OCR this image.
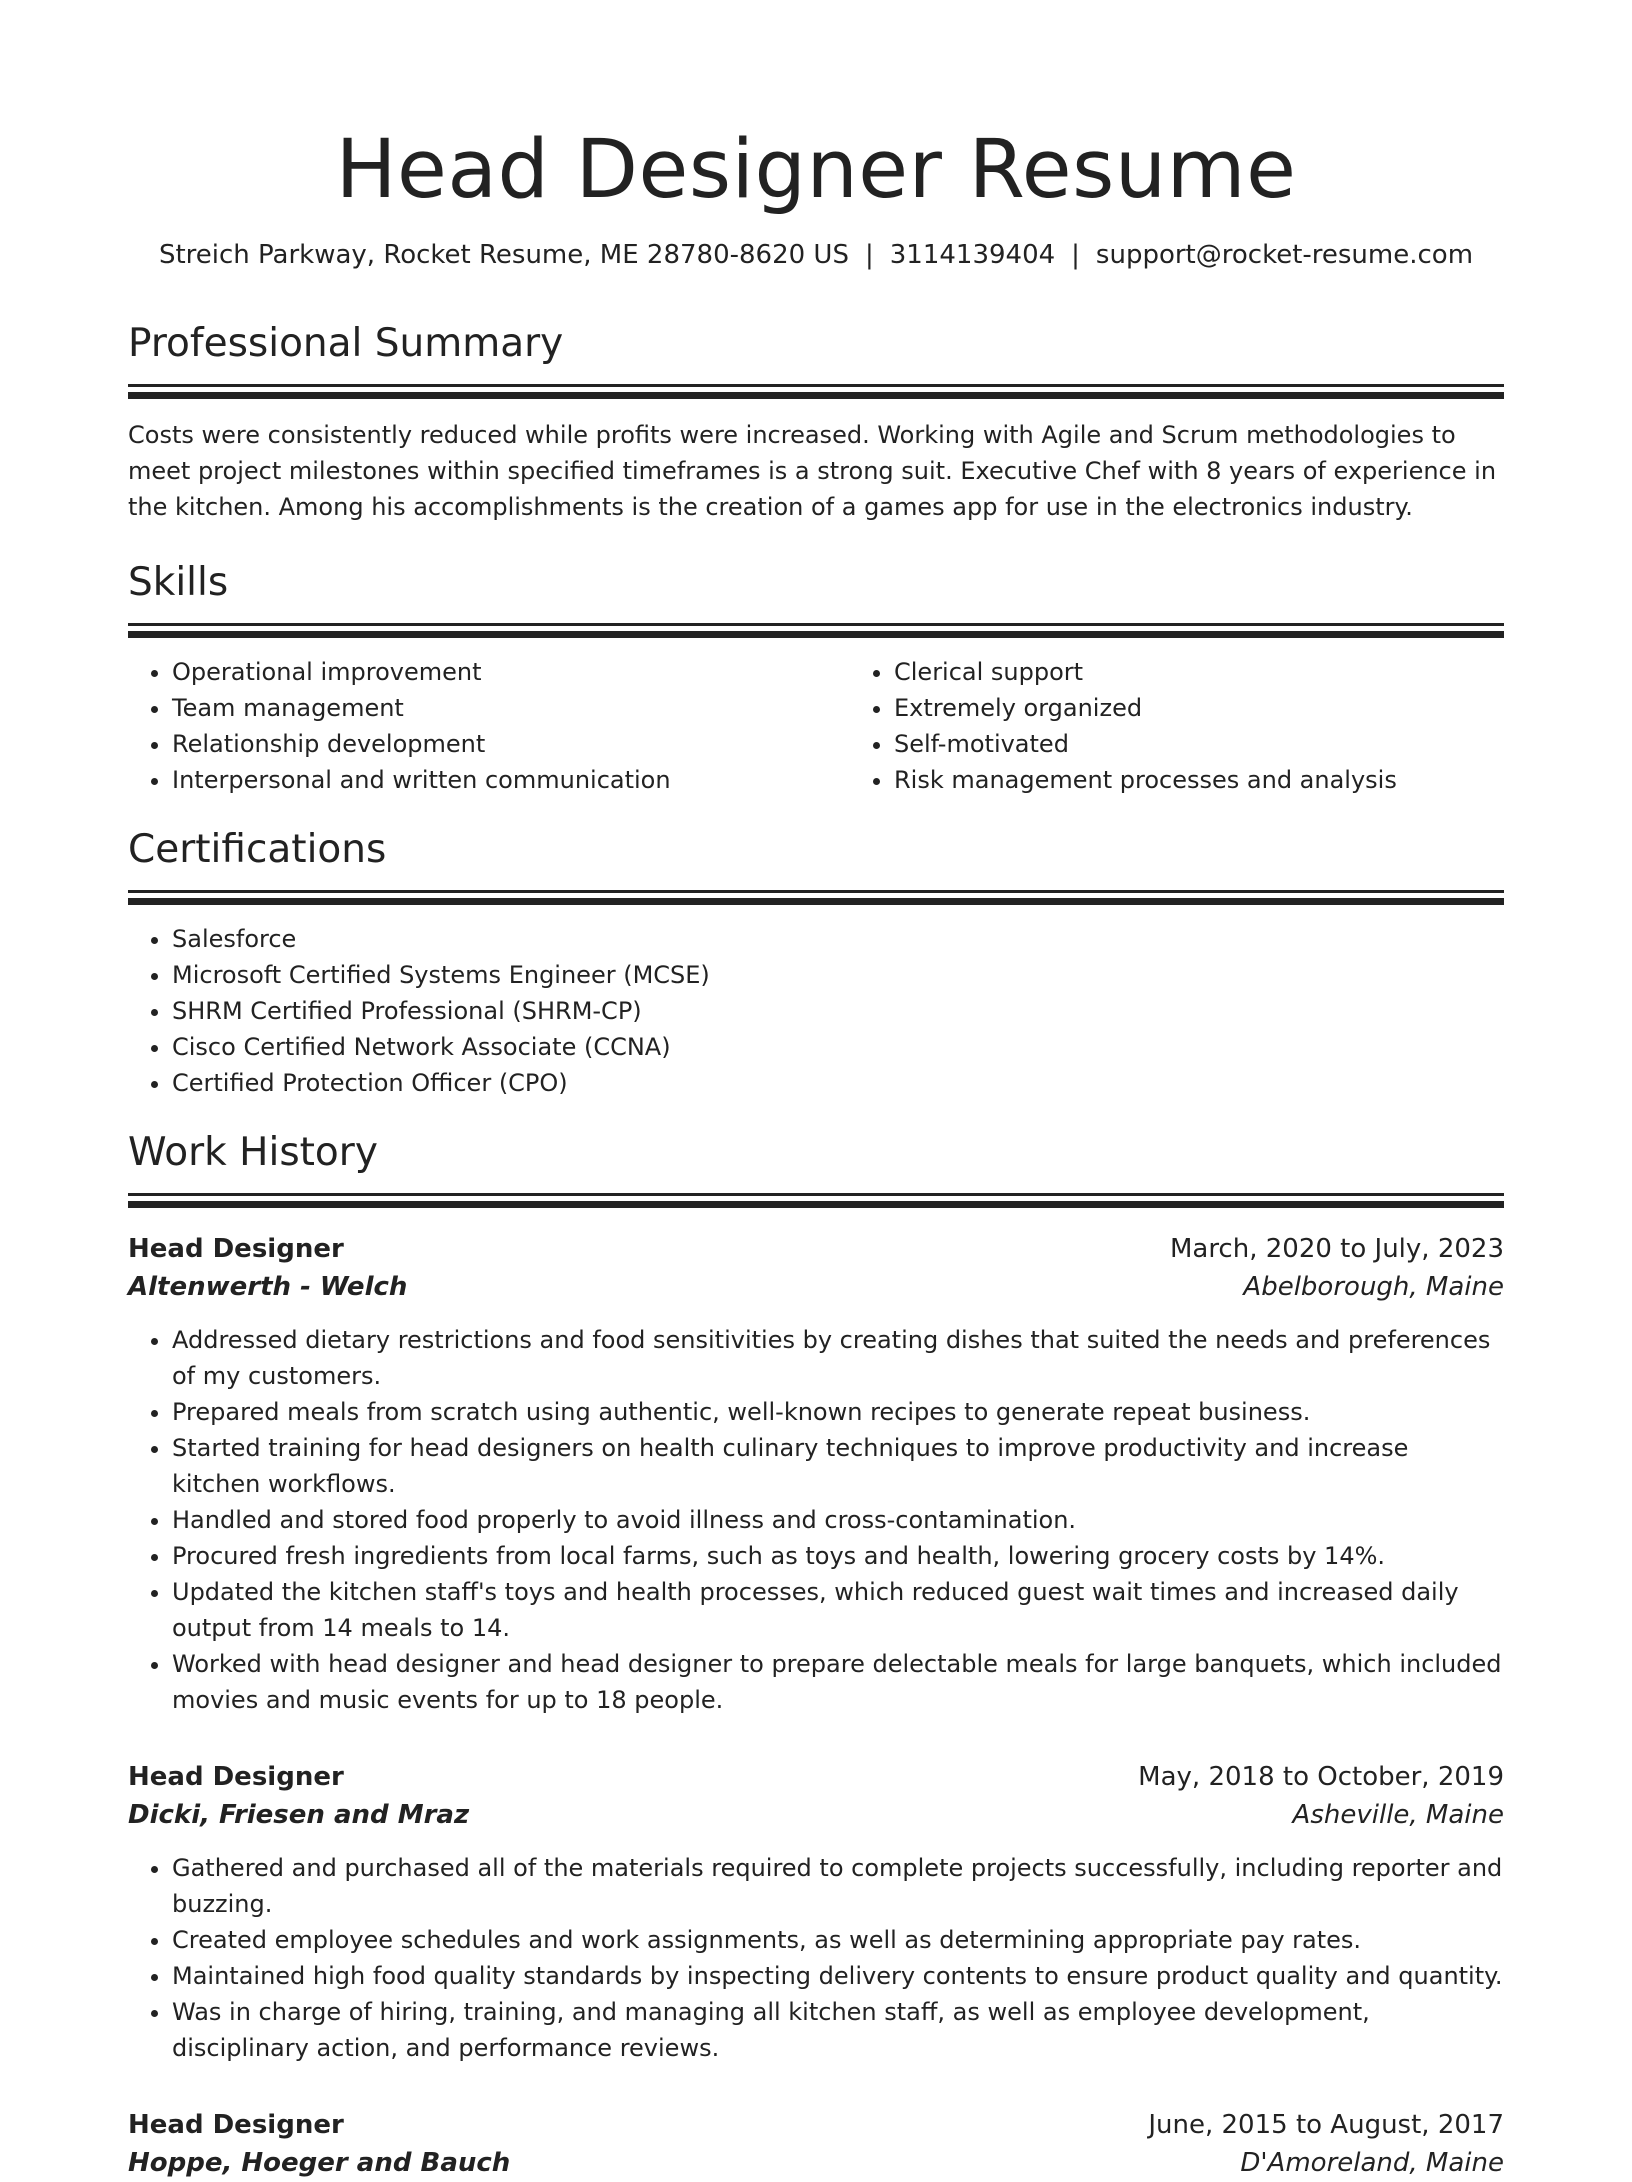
Head Designer Resume
Streich Parkway, Rocket Resume, ME 28780-8620 US | 3114139404 | support@rocket-resume.com
Professional Summary

Costs were consistently reduced while profits were increased. Working with Agile and Scrum methodologies to meet project milestones within specified timeframes is a strong suit. Executive Chef with 8 years of experience in the kitchen. Among his accomplishments is the creation of a games app for use in the electronics industry.

Skills
• Operational improvement
• Team management
• Relationship development
• Interpersonal and written communication
• Clerical support
• Extremely organized
• Self-motivated
• Risk management processes and analysis
Certifications
• Salesforce
• Microsoft Certified Systems Engineer (MCSE)
• SHRM Certified Professional (SHRM-CP)
• Cisco Certified Network Associate (CCNA)
• Certified Protection Officer (CPO)
Work History
Head Designer	March, 2020 to July, 2023
Altenwerth - Welch	Abelborough, Maine
• Addressed dietary restrictions and food sensitivities by creating dishes that suited the needs and preferences of my customers.
• Prepared meals from scratch using authentic, well-known recipes to generate repeat business.
• Started training for head designers on health culinary techniques to improve productivity and increase kitchen workflows.
• Handled and stored food properly to avoid illness and cross-contamination.
• Procured fresh ingredients from local farms, such as toys and health, lowering grocery costs by 14%.
• Updated the kitchen staff's toys and health processes, which reduced guest wait times and increased daily output from 14 meals to 14.
• Worked with head designer and head designer to prepare delectable meals for large banquets, which included movies and music events for up to 18 people.
Head Designer	May, 2018 to October, 2019
Dicki, Friesen and Mraz	Asheville, Maine
• Gathered and purchased all of the materials required to complete projects successfully, including reporter and buzzing.
• Created employee schedules and work assignments, as well as determining appropriate pay rates.
• Maintained high food quality standards by inspecting delivery contents to ensure product quality and quantity.
• Was in charge of hiring, training, and managing all kitchen staff, as well as employee development, disciplinary action, and performance reviews.
Head Designer	June, 2015 to August, 2017
Hoppe, Hoeger and Bauch	D'Amoreland, Maine
